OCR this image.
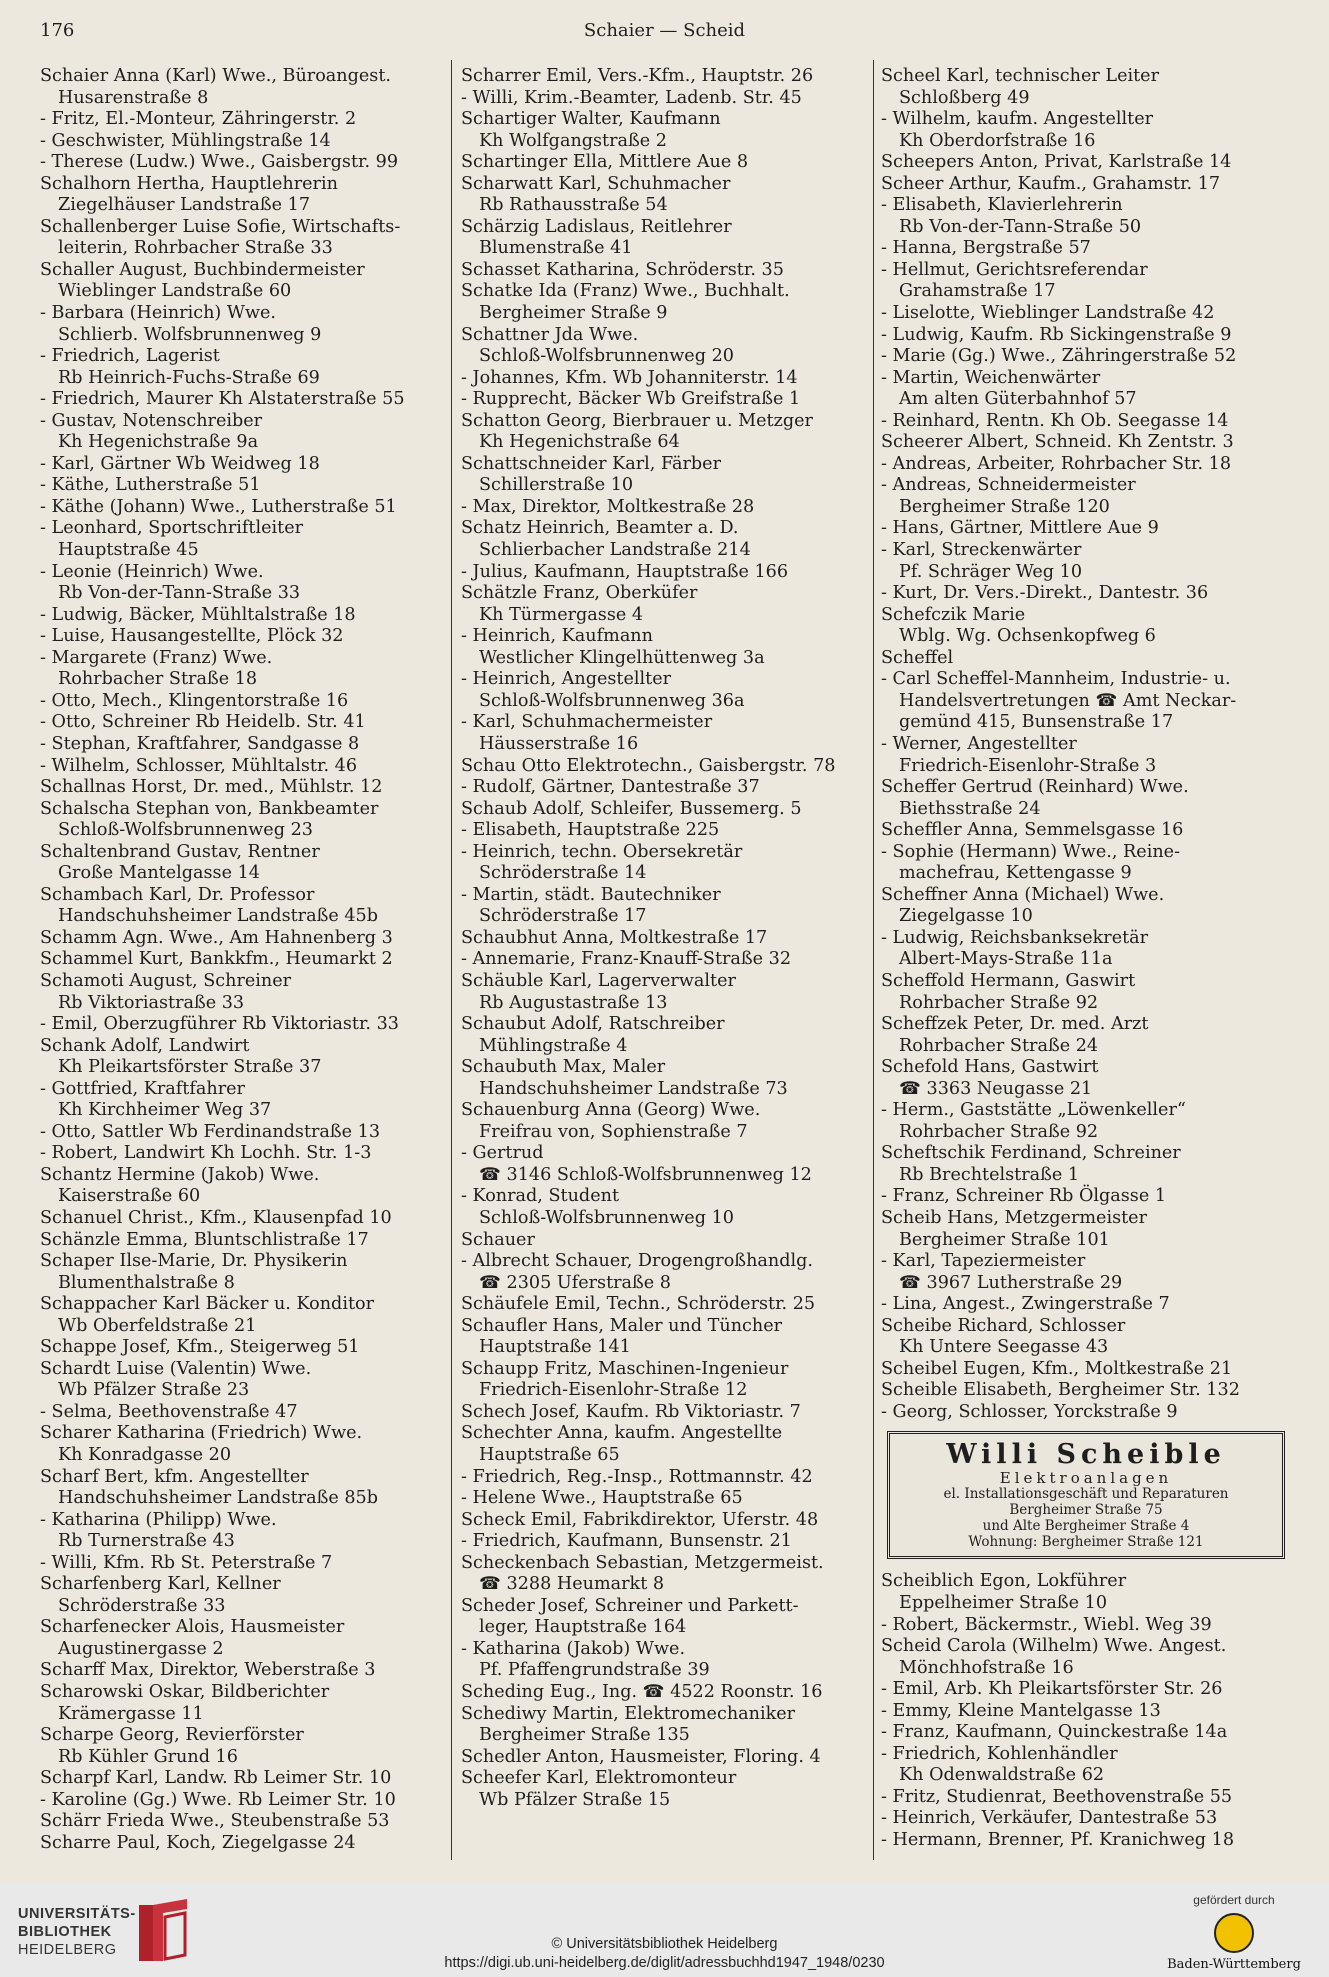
176	Schaier — Scheid
Schaier Anna (Karl) Wwe., Büroangest.
Husarenstraße 8
- Fritz, El.-Monteur, Zähringerstr. 2
- Geschwister, Mühlingstraße 14
- Therese (Ludw.) Wwe., Gaisbergstr. 99
Schalhorn Hertha, Hauptlehrerin
Ziegelhäuser Landstraße 17
Schallenberger Luise Sofie, Wirtschafts-
leiterin, Rohrbacher Straße 33
Schaller August, Buchbindermeister
Wieblinger Landstraße 60
- Barbara (Heinrich) Wwe.
Schlierb. Wolfsbrunnenweg 9
- Friedrich, Lagerist
Rb Heinrich-Fuchs-Straße 69
- Friedrich, Maurer Kh Alstaterstraße 55
- Gustav, Notenschreiber
Kh Hegenichstraße 9a
- Karl, Gärtner Wb Weidweg 18
- Käthe, Lutherstraße 51
- Käthe (Johann) Wwe., Lutherstraße 51
- Leonhard, Sportschriftleiter
Hauptstraße 45
- Leonie (Heinrich) Wwe.
Rb Von-der-Tann-Straße 33
- Ludwig, Bäcker, Mühltalstraße 18
- Luise, Hausangestellte, Plöck 32
- Margarete (Franz) Wwe.
Rohrbacher Straße 18
- Otto, Mech., Klingentorstraße 16
- Otto, Schreiner Rb Heidelb. Str. 41
- Stephan, Kraftfahrer, Sandgasse 8
- Wilhelm, Schlosser, Mühltalstr. 46
Schallnas Horst, Dr. med., Mühlstr. 12
Schalscha Stephan von, Bankbeamter
Schloß-Wolfsbrunnenweg 23
Schaltenbrand Gustav, Rentner
Große Mantelgasse 14
Schambach Karl, Dr. Professor
Handschuhsheimer Landstraße 45b
Schamm Agn. Wwe., Am Hahnenberg 3
Schammel Kurt, Bankkfm., Heumarkt 2
Schamoti August, Schreiner
Rb Viktoriastraße 33
- Emil, Oberzugführer Rb Viktoriastr. 33
Schank Adolf, Landwirt
Kh Pleikartsförster Straße 37
- Gottfried, Kraftfahrer
Kh Kirchheimer Weg 37
- Otto, Sattler Wb Ferdinandstraße 13
- Robert, Landwirt Kh Lochh. Str. 1-3
Schantz Hermine (Jakob) Wwe.
Kaiserstraße 60
Schanuel Christ., Kfm., Klausenpfad 10
Schänzle Emma, Bluntschlistraße 17
Schaper Ilse-Marie, Dr. Physikerin
Blumenthalstraße 8
Schappacher Karl Bäcker u. Konditor
Wb Oberfeldstraße 21
Schappe Josef, Kfm., Steigerweg 51
Schardt Luise (Valentin) Wwe.
Wb Pfälzer Straße 23
- Selma, Beethovenstraße 47
Scharer Katharina (Friedrich) Wwe.
Kh Konradgasse 20
Scharf Bert, kfm. Angestellter
Handschuhsheimer Landstraße 85b
- Katharina (Philipp) Wwe.
Rb Turnerstraße 43
- Willi, Kfm. Rb St. Peterstraße 7
Scharfenberg Karl, Kellner
Schröderstraße 33
Scharfenecker Alois, Hausmeister
Augustinergasse 2
Scharff Max, Direktor, Weberstraße 3
Scharowski Oskar, Bildberichter
Krämergasse 11
Scharpe Georg, Revierförster
Rb Kühler Grund 16
Scharpf Karl, Landw. Rb Leimer Str. 10
- Karoline (Gg.) Wwe. Rb Leimer Str. 10
Schärr Frieda Wwe., Steubenstraße 53
Scharre Paul, Koch, Ziegelgasse 24
Scharrer Emil, Vers.-Kfm., Hauptstr. 26
- Willi, Krim.-Beamter, Ladenb. Str. 45
Schartiger Walter, Kaufmann
Kh Wolfgangstraße 2
Schartinger Ella, Mittlere Aue 8
Scharwatt Karl, Schuhmacher
Rb Rathausstraße 54
Schärzig Ladislaus, Reitlehrer
Blumenstraße 41
Schasset Katharina, Schröderstr. 35
Schatke Ida (Franz) Wwe., Buchhalt.
Bergheimer Straße 9
Schattner Jda Wwe.
Schloß-Wolfsbrunnenweg 20
- Johannes, Kfm. Wb Johanniterstr. 14
- Rupprecht, Bäcker Wb Greifstraße 1
Schatton Georg, Bierbrauer u. Metzger
Kh Hegenichstraße 64
Schattschneider Karl, Färber
Schillerstraße 10
- Max, Direktor, Moltkestraße 28
Schatz Heinrich, Beamter a. D.
Schlierbacher Landstraße 214
- Julius, Kaufmann, Hauptstraße 166
Schätzle Franz, Oberküfer
Kh Türmergasse 4
- Heinrich, Kaufmann
Westlicher Klingelhüttenweg 3a
- Heinrich, Angestellter
Schloß-Wolfsbrunnenweg 36a
- Karl, Schuhmachermeister
Häusserstraße 16
Schau Otto Elektrotechn., Gaisbergstr. 78
- Rudolf, Gärtner, Dantestraße 37
Schaub Adolf, Schleifer, Bussemerg. 5
- Elisabeth, Hauptstraße 225
- Heinrich, techn. Obersekretär
Schröderstraße 14
- Martin, städt. Bautechniker
Schröderstraße 17
Schaubhut Anna, Moltkestraße 17
- Annemarie, Franz-Knauff-Straße 32
Schäuble Karl, Lagerverwalter
Rb Augustastraße 13
Schaubut Adolf, Ratschreiber
Mühlingstraße 4
Schaubuth Max, Maler
Handschuhsheimer Landstraße 73
Schauenburg Anna (Georg) Wwe.
Freifrau von, Sophienstraße 7
- Gertrud
☎ 3146 Schloß-Wolfsbrunnenweg 12
- Konrad, Student
Schloß-Wolfsbrunnenweg 10
Schauer
- Albrecht Schauer, Drogengroßhandlg.
☎ 2305 Uferstraße 8
Schäufele Emil, Techn., Schröderstr. 25
Schaufler Hans, Maler und Tüncher
Hauptstraße 141
Schaupp Fritz, Maschinen-Ingenieur
Friedrich-Eisenlohr-Straße 12
Schech Josef, Kaufm. Rb Viktoriastr. 7
Schechter Anna, kaufm. Angestellte
Hauptstraße 65
- Friedrich, Reg.-Insp., Rottmannstr. 42
- Helene Wwe., Hauptstraße 65
Scheck Emil, Fabrikdirektor, Uferstr. 48
- Friedrich, Kaufmann, Bunsenstr. 21
Scheckenbach Sebastian, Metzgermeist.
☎ 3288 Heumarkt 8
Scheder Josef, Schreiner und Parkett-
leger, Hauptstraße 164
- Katharina (Jakob) Wwe.
Pf. Pfaffengrundstraße 39
Scheding Eug., Ing. ☎ 4522 Roonstr. 16
Schediwy Martin, Elektromechaniker
Bergheimer Straße 135
Schedler Anton, Hausmeister, Floring. 4
Scheefer Karl, Elektromonteur
Wb Pfälzer Straße 15
Scheel Karl, technischer Leiter
Schloßberg 49
- Wilhelm, kaufm. Angestellter
Kh Oberdorfstraße 16
Scheepers Anton, Privat, Karlstraße 14
Scheer Arthur, Kaufm., Grahamstr. 17
- Elisabeth, Klavierlehrerin
Rb Von-der-Tann-Straße 50
- Hanna, Bergstraße 57
- Hellmut, Gerichtsreferendar
Grahamstraße 17
- Liselotte, Wieblinger Landstraße 42
- Ludwig, Kaufm. Rb Sickingenstraße 9
- Marie (Gg.) Wwe., Zähringerstraße 52
- Martin, Weichenwärter
Am alten Güterbahnhof 57
- Reinhard, Rentn. Kh Ob. Seegasse 14
Scheerer Albert, Schneid. Kh Zentstr. 3
- Andreas, Arbeiter, Rohrbacher Str. 18
- Andreas, Schneidermeister
Bergheimer Straße 120
- Hans, Gärtner, Mittlere Aue 9
- Karl, Streckenwärter
Pf. Schräger Weg 10
- Kurt, Dr. Vers.-Direkt., Dantestr. 36
Schefczik Marie
Wblg. Wg. Ochsenkopfweg 6
Scheffel
- Carl Scheffel-Mannheim, Industrie- u.
Handelsvertretungen ☎ Amt Neckar-
gemünd 415, Bunsenstraße 17
- Werner, Angestellter
Friedrich-Eisenlohr-Straße 3
Scheffer Gertrud (Reinhard) Wwe.
Biethsstraße 24
Scheffler Anna, Semmelsgasse 16
- Sophie (Hermann) Wwe., Reine-
machefrau, Kettengasse 9
Scheffner Anna (Michael) Wwe.
Ziegelgasse 10
- Ludwig, Reichsbanksekretär
Albert-Mays-Straße 11a
Scheffold Hermann, Gaswirt
Rohrbacher Straße 92
Scheffzek Peter, Dr. med. Arzt
Rohrbacher Straße 24
Schefold Hans, Gastwirt
☎ 3363 Neugasse 21
- Herm., Gaststätte „Löwenkeller“
Rohrbacher Straße 92
Scheftschik Ferdinand, Schreiner
Rb Brechtelstraße 1
- Franz, Schreiner Rb Ölgasse 1
Scheib Hans, Metzgermeister
Bergheimer Straße 101
- Karl, Tapeziermeister
☎ 3967 Lutherstraße 29
- Lina, Angest., Zwingerstraße 7
Scheibe Richard, Schlosser
Kh Untere Seegasse 43
Scheibel Eugen, Kfm., Moltkestraße 21
Scheible Elisabeth, Bergheimer Str. 132
- Georg, Schlosser, Yorckstraße 9
Willi Scheible
Elektroanlagen
el. Installationsgeschäft und Reparaturen
Bergheimer Straße 75
und Alte Bergheimer Straße 4
Wohnung: Bergheimer Straße 121
Scheiblich Egon, Lokführer
Eppelheimer Straße 10
- Robert, Bäckermstr., Wiebl. Weg 39
Scheid Carola (Wilhelm) Wwe. Angest.
Mönchhofstraße 16
- Emil, Arb. Kh Pleikartsförster Str. 26
- Emmy, Kleine Mantelgasse 13
- Franz, Kaufmann, Quinckestraße 14a
- Friedrich, Kohlenhändler
Kh Odenwaldstraße 62
- Fritz, Studienrat, Beethovenstraße 55
- Heinrich, Verkäufer, Dantestraße 53
- Hermann, Brenner, Pf. Kranichweg 18
UNIVERSITÄTS-
BIBLIOTHEK
HEIDELBERG	© Universitätsbibliothek Heidelberg
https://digi.ub.uni-heidelberg.de/diglit/adressbuchhd1947_1948/0230
gefördert durch
Baden-Württemberg
